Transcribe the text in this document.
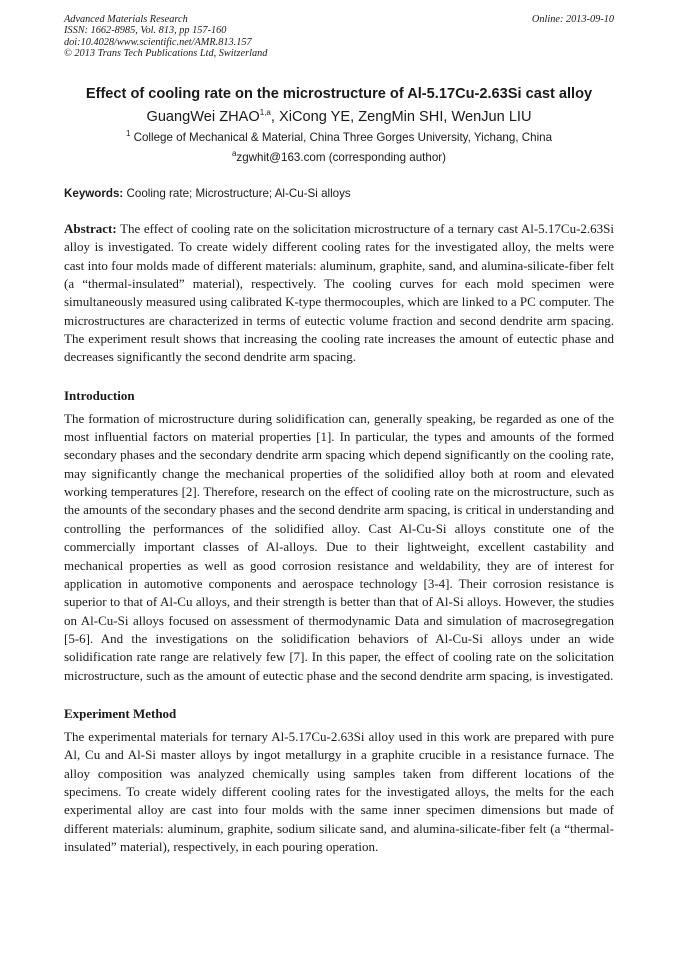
Advanced Materials Research
ISSN: 1662-8985, Vol. 813, pp 157-160
doi:10.4028/www.scientific.net/AMR.813.157
© 2013 Trans Tech Publications Ltd, Switzerland
Online: 2013-09-10
Effect of cooling rate on the microstructure of Al-5.17Cu-2.63Si cast alloy
GuangWei ZHAO$^{1,a}$, XiCong YE, ZengMin SHI, WenJun LIU
$^1$ College of Mechanical & Material, China Three Gorges University, Yichang, China
$^a$zgwhit@163.com (corresponding author)
Keywords: Cooling rate; Microstructure; Al-Cu-Si alloys

Abstract: The effect of cooling rate on the solicitation microstructure of a ternary cast Al-5.17Cu-2.63Si alloy is investigated. To create widely different cooling rates for the investigated alloy, the melts were cast into four molds made of different materials: aluminum, graphite, sand, and alumina-silicate-fiber felt (a “thermal-insulated” material), respectively. The cooling curves for each mold specimen were simultaneously measured using calibrated K-type thermocouples, which are linked to a PC computer. The microstructures are characterized in terms of eutectic volume fraction and second dendrite arm spacing. The experiment result shows that increasing the cooling rate increases the amount of eutectic phase and decreases significantly the second dendrite arm spacing.

Introduction

The formation of microstructure during solidification can, generally speaking, be regarded as one of the most influential factors on material properties [1]. In particular, the types and amounts of the formed secondary phases and the secondary dendrite arm spacing which depend significantly on the cooling rate, may significantly change the mechanical properties of the solidified alloy both at room and elevated working temperatures [2]. Therefore, research on the effect of cooling rate on the microstructure, such as the amounts of the secondary phases and the second dendrite arm spacing, is critical in understanding and controlling the performances of the solidified alloy. Cast Al-Cu-Si alloys constitute one of the commercially important classes of Al-alloys. Due to their lightweight, excellent castability and mechanical properties as well as good corrosion resistance and weldability, they are of interest for application in automotive components and aerospace technology [3-4]. Their corrosion resistance is superior to that of Al-Cu alloys, and their strength is better than that of Al-Si alloys. However, the studies on Al-Cu-Si alloys focused on assessment of thermodynamic Data and simulation of macrosegregation [5-6]. And the investigations on the solidification behaviors of Al-Cu-Si alloys under an wide solidification rate range are relatively few [7]. In this paper, the effect of cooling rate on the solicitation microstructure, such as the amount of eutectic phase and the second dendrite arm spacing, is investigated.

Experiment Method

The experimental materials for ternary Al-5.17Cu-2.63Si alloy used in this work are prepared with pure Al, Cu and Al-Si master alloys by ingot metallurgy in a graphite crucible in a resistance furnace. The alloy composition was analyzed chemically using samples taken from different locations of the specimens. To create widely different cooling rates for the investigated alloys, the melts for the each experimental alloy are cast into four molds with the same inner specimen dimensions but made of different materials: aluminum, graphite, sodium silicate sand, and alumina-silicate-fiber felt (a “thermal-insulated” material), respectively, in each pouring operation.
